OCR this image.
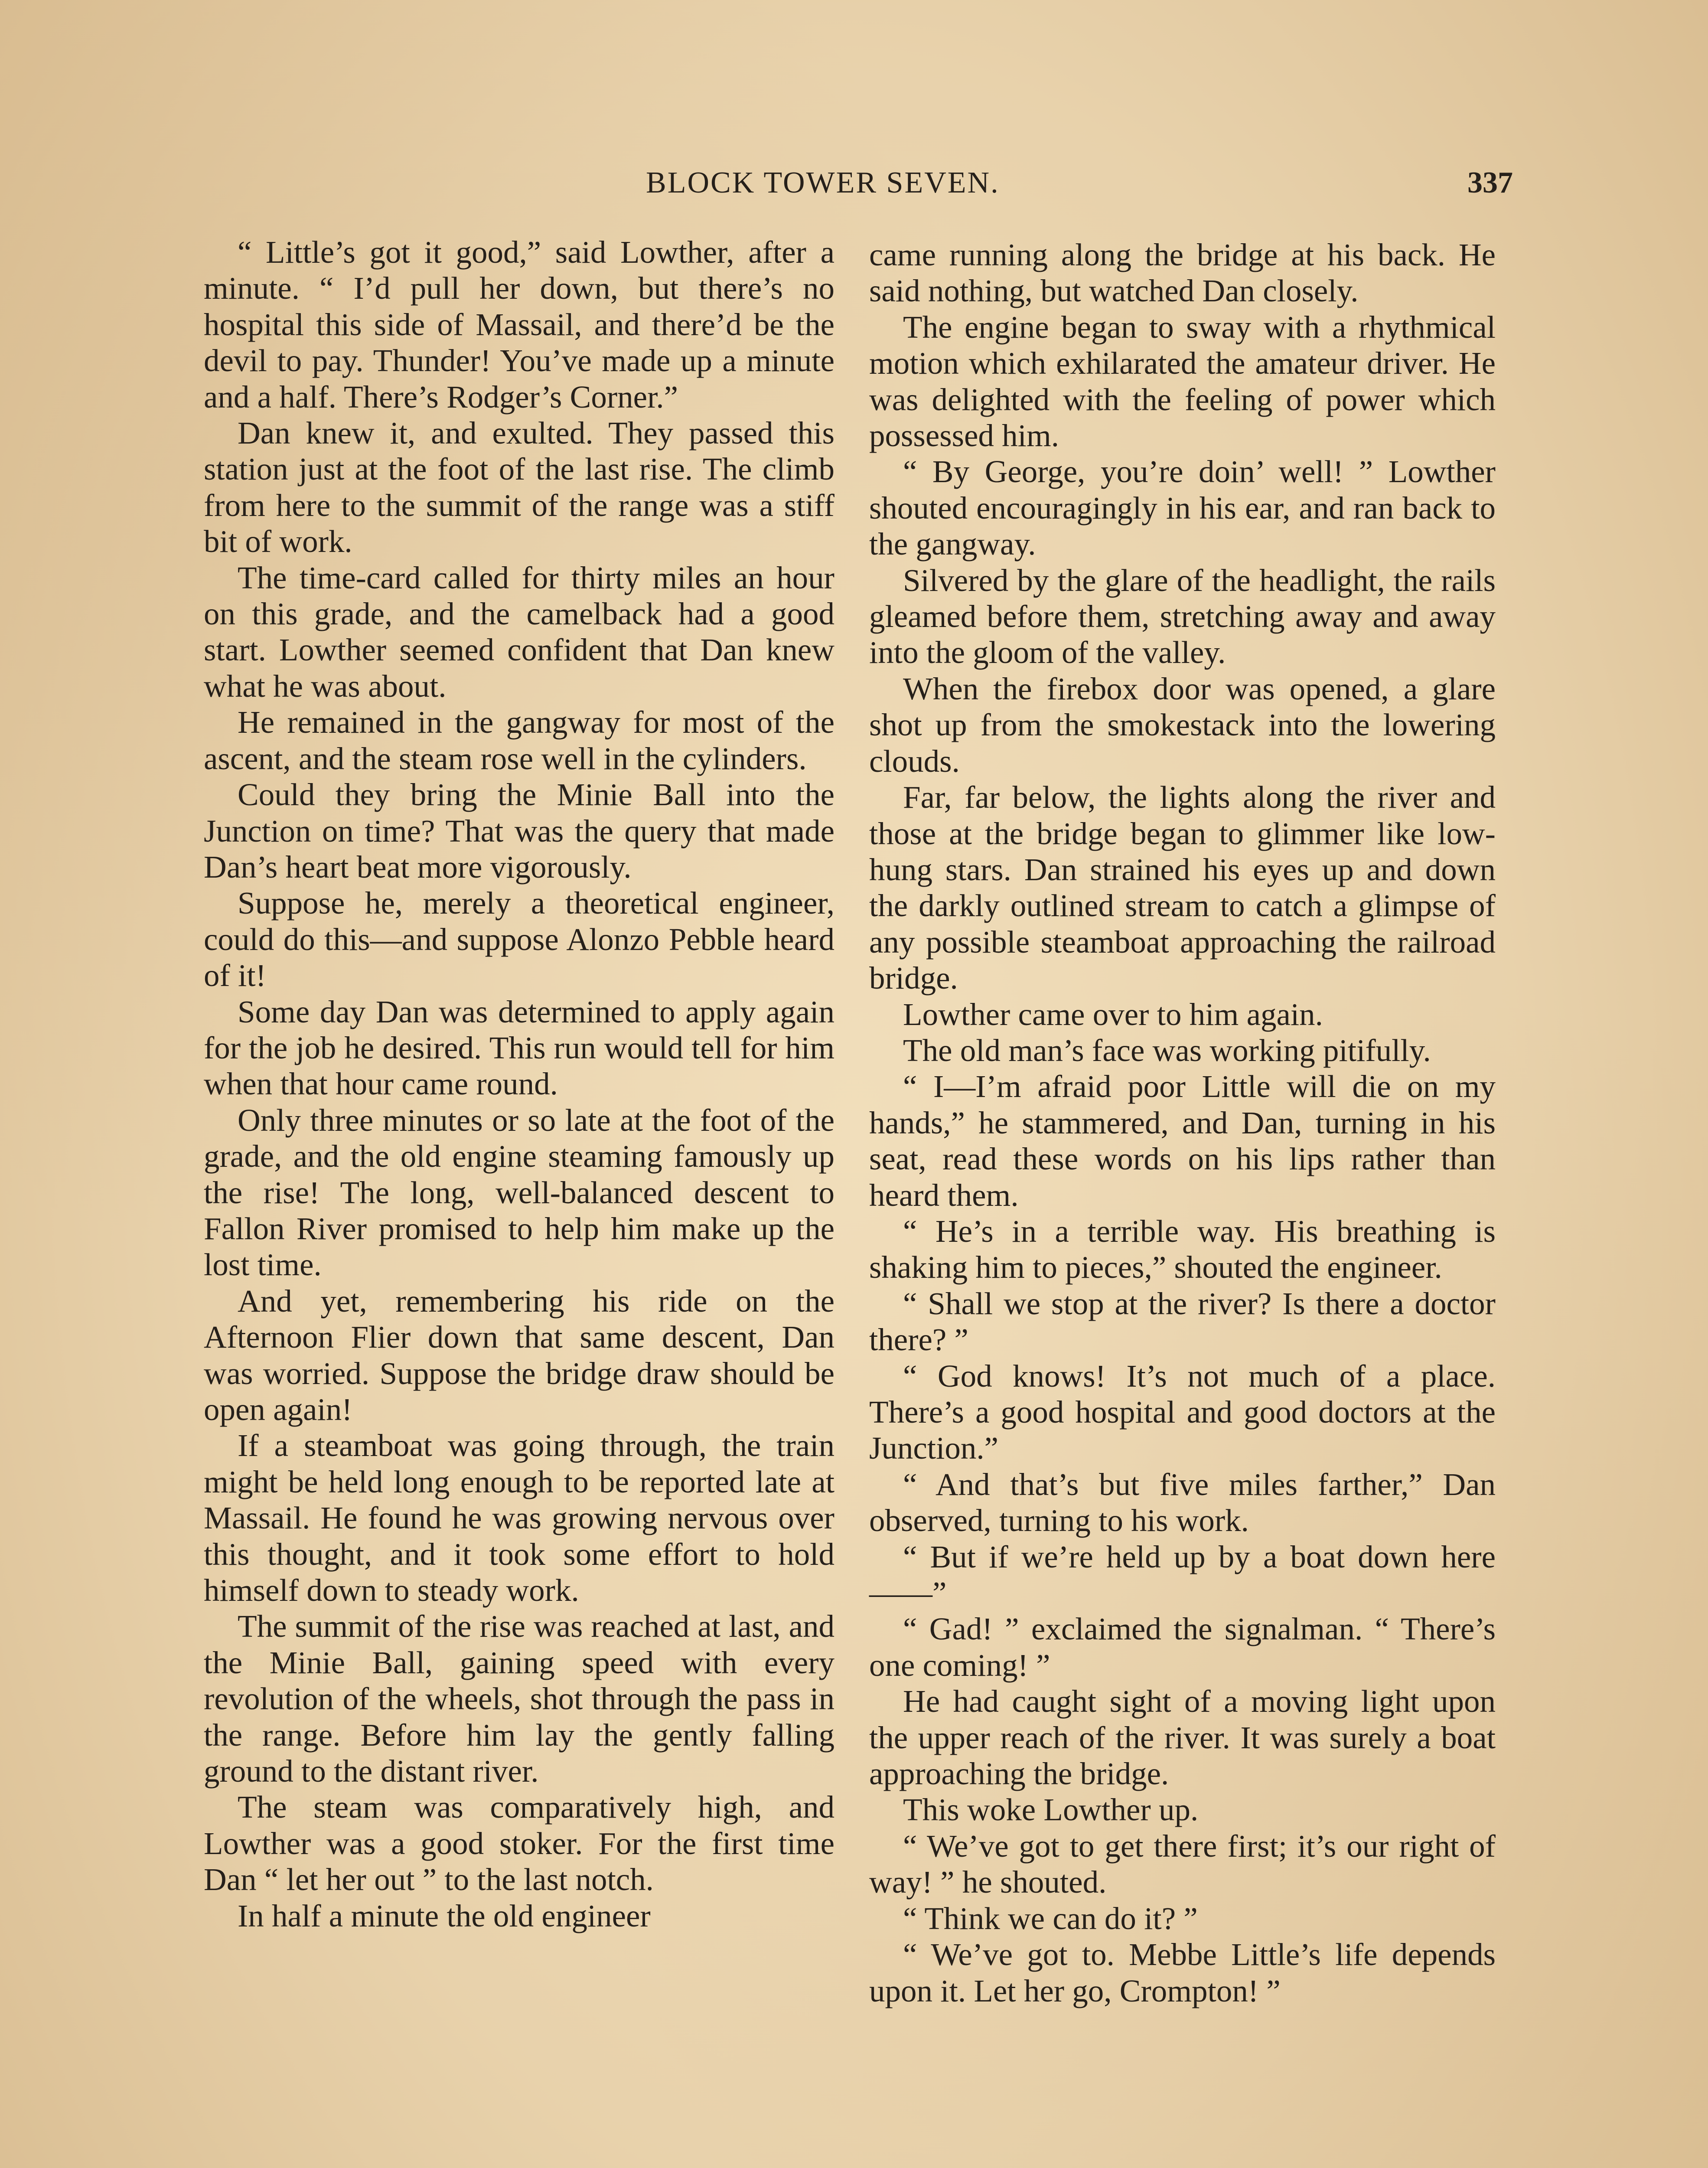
BLOCK TOWER SEVEN.	337

“ Little’s got it good,” said Lowther, after a minute. “ I’d pull her down, but there’s no hospital this side of Massail, and there’d be the devil to pay. Thunder! You’ve made up a minute and a half. There’s Rodger’s Corner.”

Dan knew it, and exulted. They passed this station just at the foot of the last rise. The climb from here to the summit of the range was a stiff bit of work.

The time-card called for thirty miles an hour on this grade, and the camelback had a good start. Lowther seemed confident that Dan knew what he was about.

He remained in the gangway for most of the ascent, and the steam rose well in the cylinders.

Could they bring the Minie Ball into the Junction on time? That was the query that made Dan’s heart beat more vigorously.

Suppose he, merely a theoretical engineer, could do this—and suppose Alonzo Pebble heard of it!

Some day Dan was determined to apply again for the job he desired. This run would tell for him when that hour came round.

Only three minutes or so late at the foot of the grade, and the old engine steaming famously up the rise! The long, well-balanced descent to Fallon River promised to help him make up the lost time.

And yet, remembering his ride on the Afternoon Flier down that same descent, Dan was worried. Suppose the bridge draw should be open again!

If a steamboat was going through, the train might be held long enough to be reported late at Massail. He found he was growing nervous over this thought, and it took some effort to hold himself down to steady work.

The summit of the rise was reached at last, and the Minie Ball, gaining speed with every revolution of the wheels, shot through the pass in the range. Before him lay the gently falling ground to the distant river.

The steam was comparatively high, and Lowther was a good stoker. For the first time Dan “ let her out ” to the last notch.

In half a minute the old engineer

came running along the bridge at his back. He said nothing, but watched Dan closely.

The engine began to sway with a rhythmical motion which exhilarated the amateur driver. He was delighted with the feeling of power which possessed him.

“ By George, you’re doin’ well! ” Lowther shouted encouragingly in his ear, and ran back to the gangway.

Silvered by the glare of the headlight, the rails gleamed before them, stretching away and away into the gloom of the valley.

When the firebox door was opened, a glare shot up from the smokestack into the lowering clouds.

Far, far below, the lights along the river and those at the bridge began to glimmer like low-hung stars. Dan strained his eyes up and down the darkly outlined stream to catch a glimpse of any possible steamboat approaching the railroad bridge.

Lowther came over to him again.

The old man’s face was working pitifully.

“ I—I’m afraid poor Little will die on my hands,” he stammered, and Dan, turning in his seat, read these words on his lips rather than heard them.

“ He’s in a terrible way. His breathing is shaking him to pieces,” shouted the engineer.

“ Shall we stop at the river? Is there a doctor there? ”

“ God knows! It’s not much of a place. There’s a good hospital and good doctors at the Junction.”

“ And that’s but five miles farther,” Dan observed, turning to his work.

“ But if we’re held up by a boat down here——”

“ Gad! ” exclaimed the signalman. “ There’s one coming! ”

He had caught sight of a moving light upon the upper reach of the river. It was surely a boat approaching the bridge.

This woke Lowther up.

“ We’ve got to get there first; it’s our right of way! ” he shouted.

“ Think we can do it? ”

“ We’ve got to. Mebbe Little’s life depends upon it. Let her go, Crompton! ”
